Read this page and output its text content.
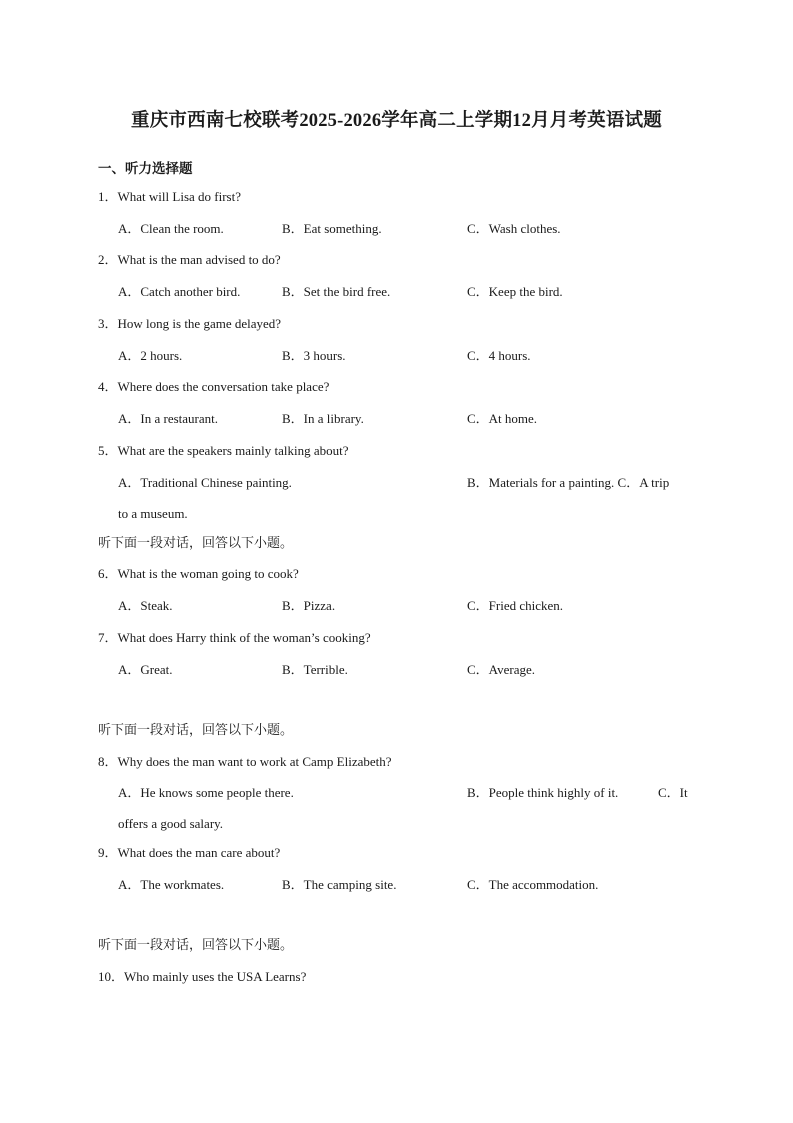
重庆市西南七校联考2025-2026学年高二上学期12月月考英语试题
一、听力选择题
1．What will Lisa do first?
A．Clean the room.	B．Eat something.	C．Wash clothes.
2．What is the man advised to do?
A．Catch another bird.	B．Set the bird free.	C．Keep the bird.
3．How long is the game delayed?
A．2 hours.	B．3 hours.	C．4 hours.
4．Where does the conversation take place?
A．In a restaurant.	B．In a library.	C．At home.
5．What are the speakers mainly talking about?
A．Traditional Chinese painting.	B．Materials for a painting. C．A trip
to a museum.
听下面一段对话，回答以下小题。
6．What is the woman going to cook?
A．Steak.	B．Pizza.	C．Fried chicken.
7．What does Harry think of the woman’s cooking?
A．Great.	B．Terrible.	C．Average.
听下面一段对话，回答以下小题。
8．Why does the man want to work at Camp Elizabeth?
A．He knows some people there.	B．People think highly of it.	C．It
offers a good salary.
9．What does the man care about?
A．The workmates.	B．The camping site.	C．The accommodation.
听下面一段对话，回答以下小题。
10．Who mainly uses the USA Learns?
